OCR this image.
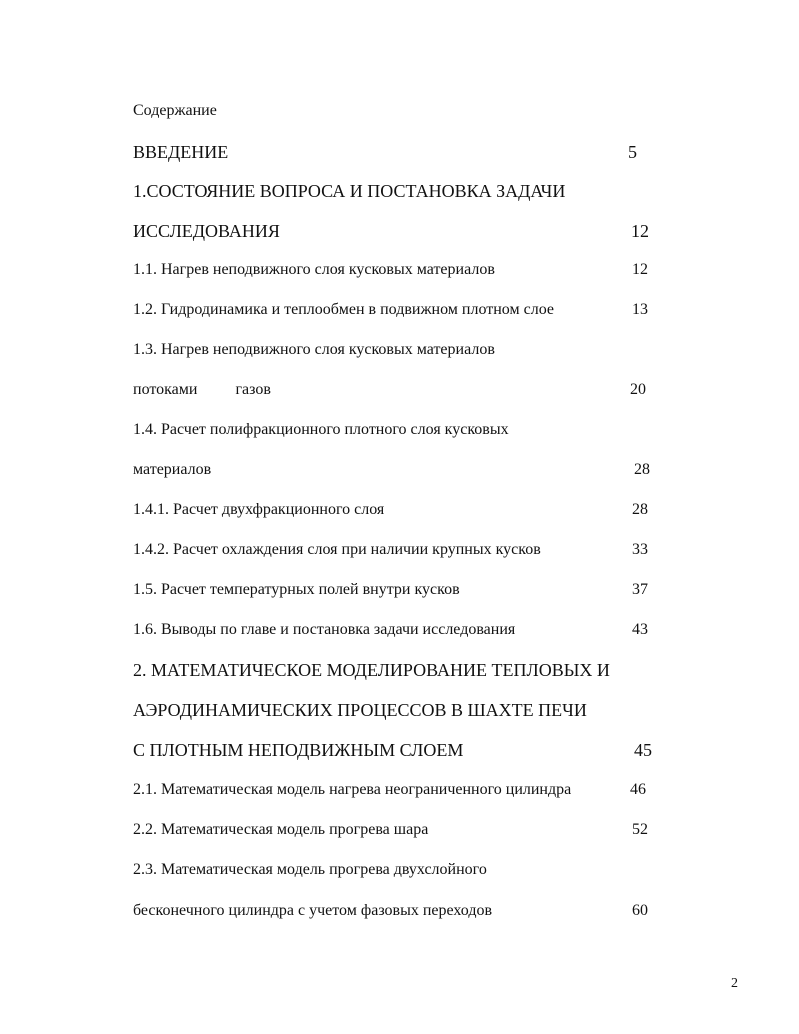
Содержание
ВВЕДЕНИЕ	5
1.СОСТОЯНИЕ ВОПРОСА И ПОСТАНОВКА ЗАДАЧИ
ИССЛЕДОВАНИЯ	12
1.1. Нагрев неподвижного слоя кусковых материалов	12
1.2. Гидродинамика и теплообмен в подвижном плотном слое	13
1.3. Нагрев неподвижного слоя кусковых материалов
потоками газов	20
1.4. Расчет полифракционного плотного слоя кусковых
материалов	28
1.4.1. Расчет двухфракционного слоя	28
1.4.2. Расчет охлаждения слоя при наличии крупных кусков	33
1.5. Расчет температурных полей внутри кусков	37
1.6. Выводы по главе и постановка задачи исследования	43
2. МАТЕМАТИЧЕСКОЕ МОДЕЛИРОВАНИЕ ТЕПЛОВЫХ И
АЭРОДИНАМИЧЕСКИХ ПРОЦЕССОВ В ШАХТЕ ПЕЧИ
С ПЛОТНЫМ НЕПОДВИЖНЫМ СЛОЕМ	45
2.1. Математическая модель нагрева неограниченного цилиндра	46
2.2. Математическая модель прогрева шара	52
2.3. Математическая модель прогрева двухслойного
бесконечного цилиндра с учетом фазовых переходов	60
2
